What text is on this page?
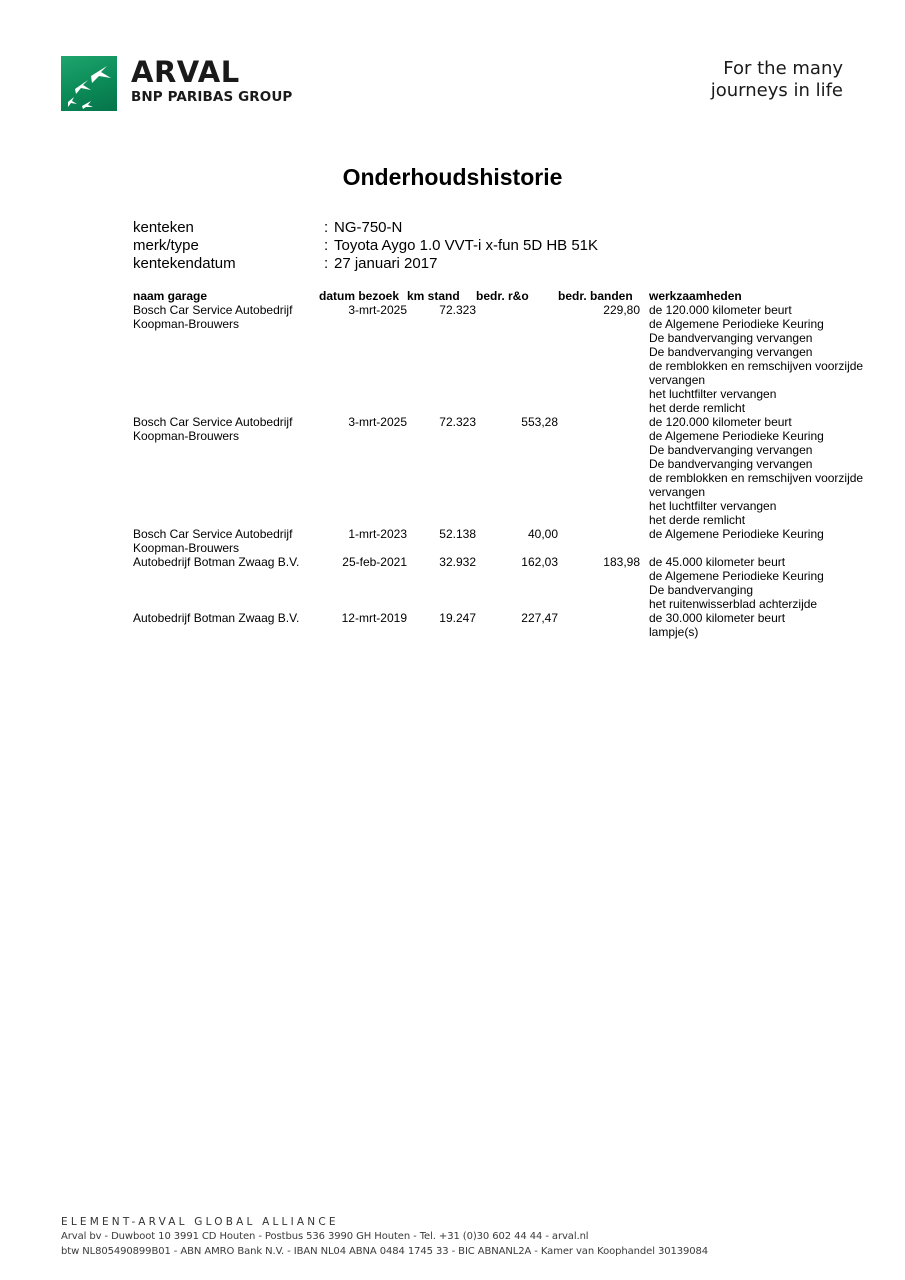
ARVAL
BNP PARIBAS GROUP
For the many
journeys in life
Onderhoudshistorie
kenteken	: NG-750-N
merk/type	: Toyota Aygo 1.0 VVT-i x-fun 5D HB 51K
kentekendatum	: 27 januari 2017
naam garage	datum bezoek	km stand	bedr. r&o	bedr. banden	werkzaamheden

Bosch Car Service Autobedrijf
Koopman-Brouwers
	3-mrt-2025	72.323		229,80	de 120.000 kilometer beurt
de Algemene Periodieke Keuring
De bandvervanging vervangen
De bandvervanging vervangen
de remblokken en remschijven voorzijde
vervangen
het luchtfilter vervangen
het derde remlicht

Bosch Car Service Autobedrijf
Koopman-Brouwers
	3-mrt-2025	72.323	553,28		de 120.000 kilometer beurt
de Algemene Periodieke Keuring
De bandvervanging vervangen
De bandvervanging vervangen
de remblokken en remschijven voorzijde
vervangen
het luchtfilter vervangen
het derde remlicht

Bosch Car Service Autobedrijf
Koopman-Brouwers	1-mrt-2023	52.138	40,00		de Algemene Periodieke Keuring

Autobedrijf Botman Zwaag B.V.	25-feb-2021	32.932	162,03	183,98	de 45.000 kilometer beurt
de Algemene Periodieke Keuring
De bandvervanging
het ruitenwisserblad achterzijde

Autobedrijf Botman Zwaag B.V.	12-mrt-2019	19.247	227,47		de 30.000 kilometer beurt
lampje(s)
ELEMENT-ARVAL GLOBAL ALLIANCE
Arval bv - Duwboot 10 3991 CD Houten - Postbus 536 3990 GH Houten - Tel. +31 (0)30 602 44 44 - arval.nl
btw NL805490899B01 - ABN AMRO Bank N.V. - IBAN NL04 ABNA 0484 1745 33 - BIC ABNANL2A - Kamer van Koophandel 30139084
